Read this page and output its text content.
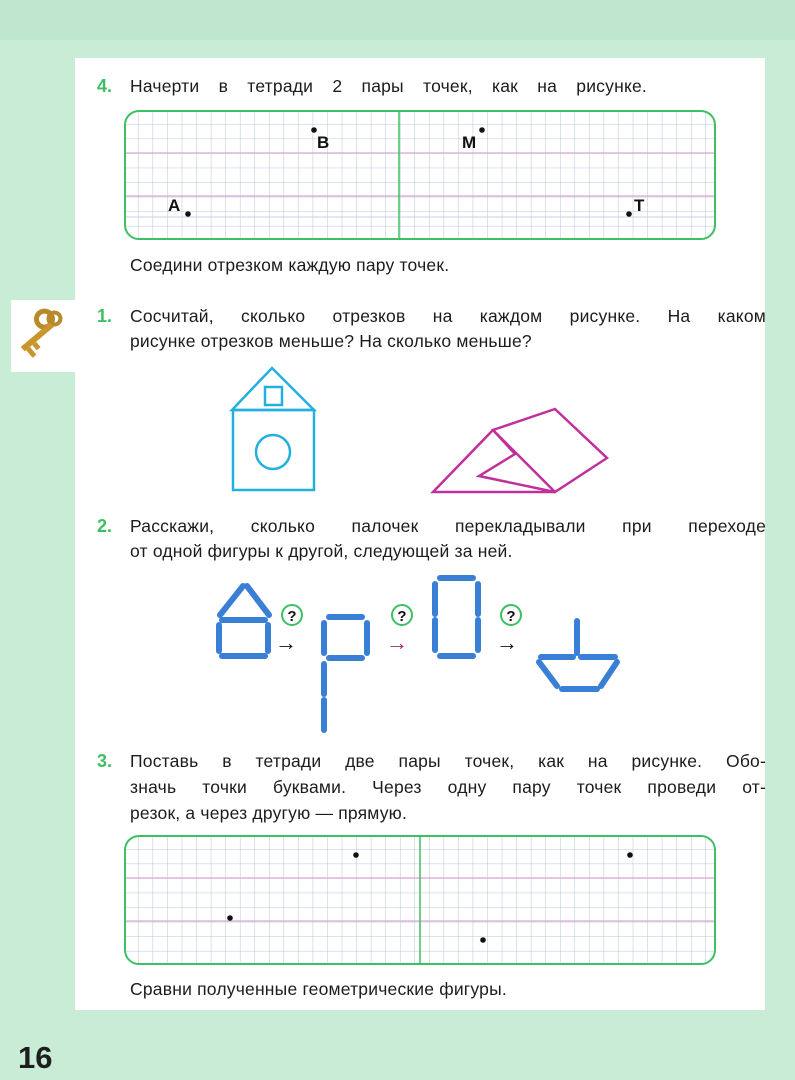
4. Начерти в тетради 2 пары точек, как на рисунке.
B	M
A	T
Соедини отрезком каждую пару точек.
1. Сосчитай, сколько отрезков на каждом рисунке. На каком
рисунке отрезков меньше? На сколько меньше?
2. Расскажи, сколько палочек перекладывали при переходе
от одной фигуры к другой, следующей за ней.
?
→
?
→
?
→
3. Поставь в тетради две пары точек, как на рисунке. Обо-
значь точки буквами. Через одну пару точек проведи от-
резок, а через другую — прямую.
Сравни полученные геометрические фигуры.
16
